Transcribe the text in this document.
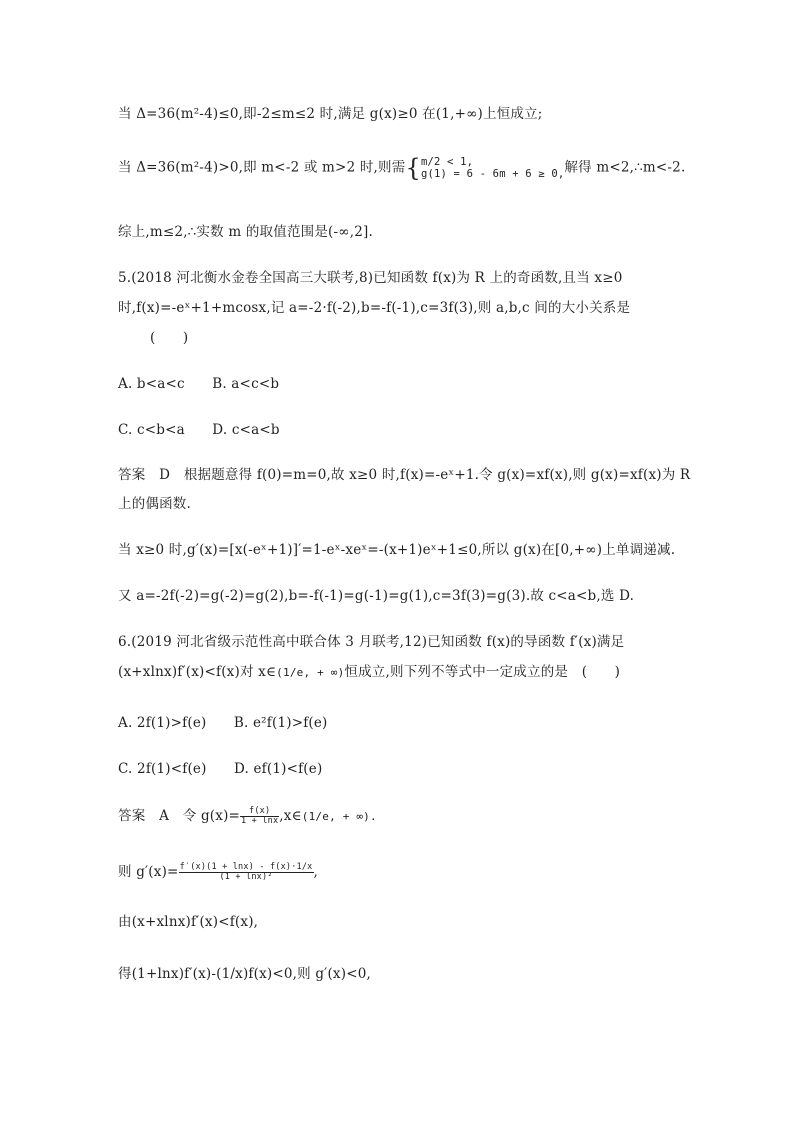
当 Δ=36(m²-4)≤0,即-2≤m≤2 时,满足 g(x)≥0 在(1,+∞)上恒成立;
当 Δ=36(m²-4)>0,即 m<-2 或 m>2 时,则需{ m/2 < 1,
g(1) = 6 - 6m + 6 ≥ 0, 解得 m<2,∴m<-2.
综上,m≤2,∴实数 m 的取值范围是(-∞,2].
5.(2018 河北衡水金卷全国高三大联考,8)已知函数 f(x)为 R 上的奇函数,且当 x≥0
时,f(x)=-eˣ+1+mcosx,记 a=-2·f(-2),b=-f(-1),c=3f(3),则 a,b,c 间的大小关系是
(　　)
A. b<a<c　　B. a<c<b
C. c<b<a　　D. c<a<b
答案　D　根据题意得 f(0)=m=0,故 x≥0 时,f(x)=-eˣ+1.令 g(x)=xf(x),则 g(x)=xf(x)为 R
上的偶函数.
当 x≥0 时,g′(x)=[x(-eˣ+1)]′=1-eˣ-xeˣ=-(x+1)eˣ+1≤0,所以 g(x)在[0,+∞)上单调递减.
又 a=-2f(-2)=g(-2)=g(2),b=-f(-1)=g(-1)=g(1),c=3f(3)=g(3).故 c<a<b,选 D.
6.(2019 河北省级示范性高中联合体 3 月联考,12)已知函数 f(x)的导函数 f′(x)满足
(x+xlnx)f′(x)<f(x)对 x∈(1/e, + ∞)恒成立,则下列不等式中一定成立的是　(　　)
A. 2f(1)>f(e)　　B. e²f(1)>f(e)
C. 2f(1)<f(e)　　D. ef(1)<f(e)
答案　A　令 $g(x)= \frac{f(x)}{1 + \ln x}$ ,x∈(1/e, + ∞).
则 $g'(x)= \frac{f'(x)(1 + \ln x) - f(x)\cdot 1/x}{\text{(1 + lnx)²}}$ ,
由(x+xlnx)f′(x)<f(x),
得(1+lnx)f′(x)-(1/x)f(x)<0,则 g′(x)<0,
